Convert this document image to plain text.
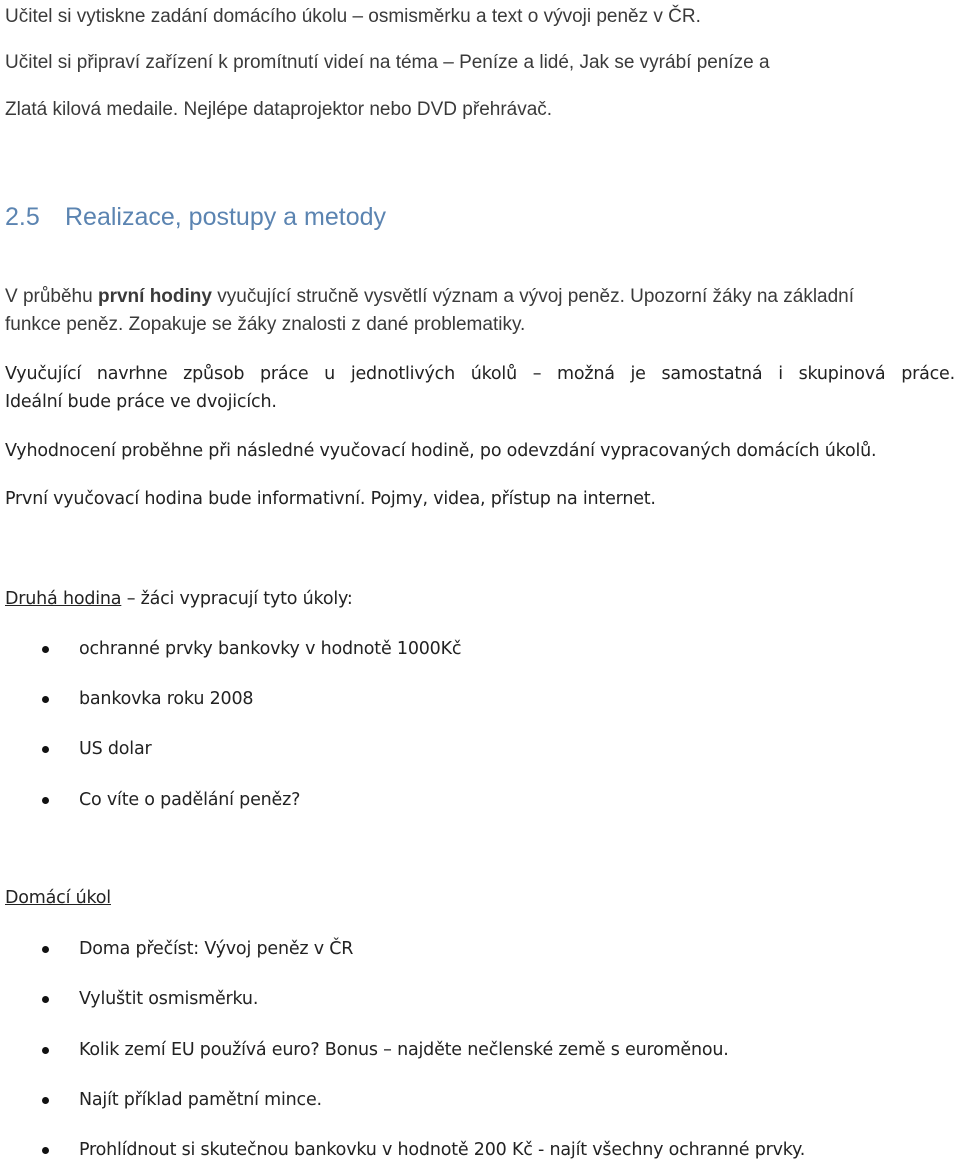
Učitel si vytiskne zadání domácího úkolu – osmisměrku a text o vývoji peněz v ČR.
Učitel si připraví zařízení k promítnutí videí na téma – Peníze a lidé, Jak se vyrábí peníze a
Zlatá kilová medaile. Nejlépe dataprojektor nebo DVD přehrávač.
2.5 Realizace, postupy a metody
V průběhu první hodiny vyučující stručně vysvětlí význam a vývoj peněz. Upozorní žáky na základní
funkce peněz. Zopakuje se žáky znalosti z dané problematiky.
Vyučující navrhne způsob práce u jednotlivých úkolů – možná je samostatná i skupinová práce.
Ideální bude práce ve dvojicích.
Vyhodnocení proběhne při následné vyučovací hodině, po odevzdání vypracovaných domácích úkolů.
První vyučovací hodina bude informativní. Pojmy, videa, přístup na internet.
Druhá hodina – žáci vypracují tyto úkoly:
ochranné prvky bankovky v hodnotě 1000Kč
bankovka roku 2008
US dolar
Co víte o padělání peněz?
Domácí úkol
Doma přečíst: Vývoj peněz v ČR
Vyluštit osmisměrku.
Kolik zemí EU používá euro? Bonus – najděte nečlenské země s euroměnou.
Najít příklad pamětní mince.
Prohlídnout si skutečnou bankovku v hodnotě 200 Kč - najít všechny ochranné prvky.
